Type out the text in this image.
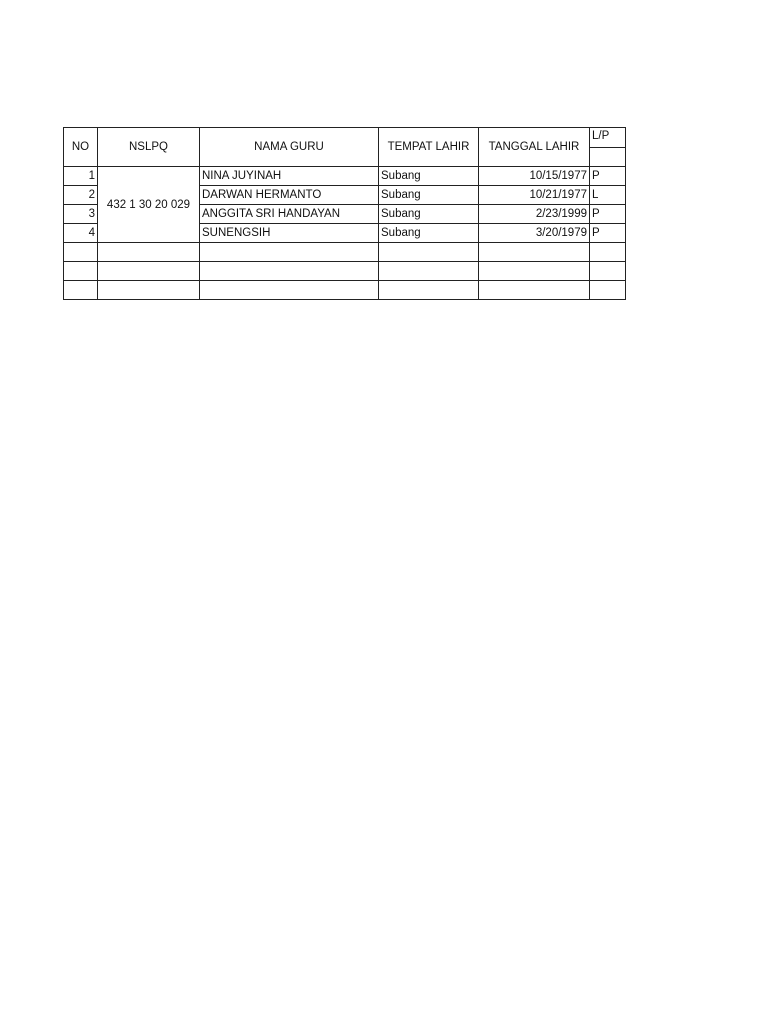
NO	NSLPQ	NAMA GURU	TEMPAT LAHIR	TANGGAL LAHIR	L/P

1	432 1 30 20 029	NINA JUYINAH	Subang	10/15/1977	P
2		DARWAN HERMANTO	Subang	10/21/1977	L
3		ANGGITA SRI HANDAYAN	Subang	2/23/1999	P
4		SUNENGSIH	Subang	3/20/1979	P
